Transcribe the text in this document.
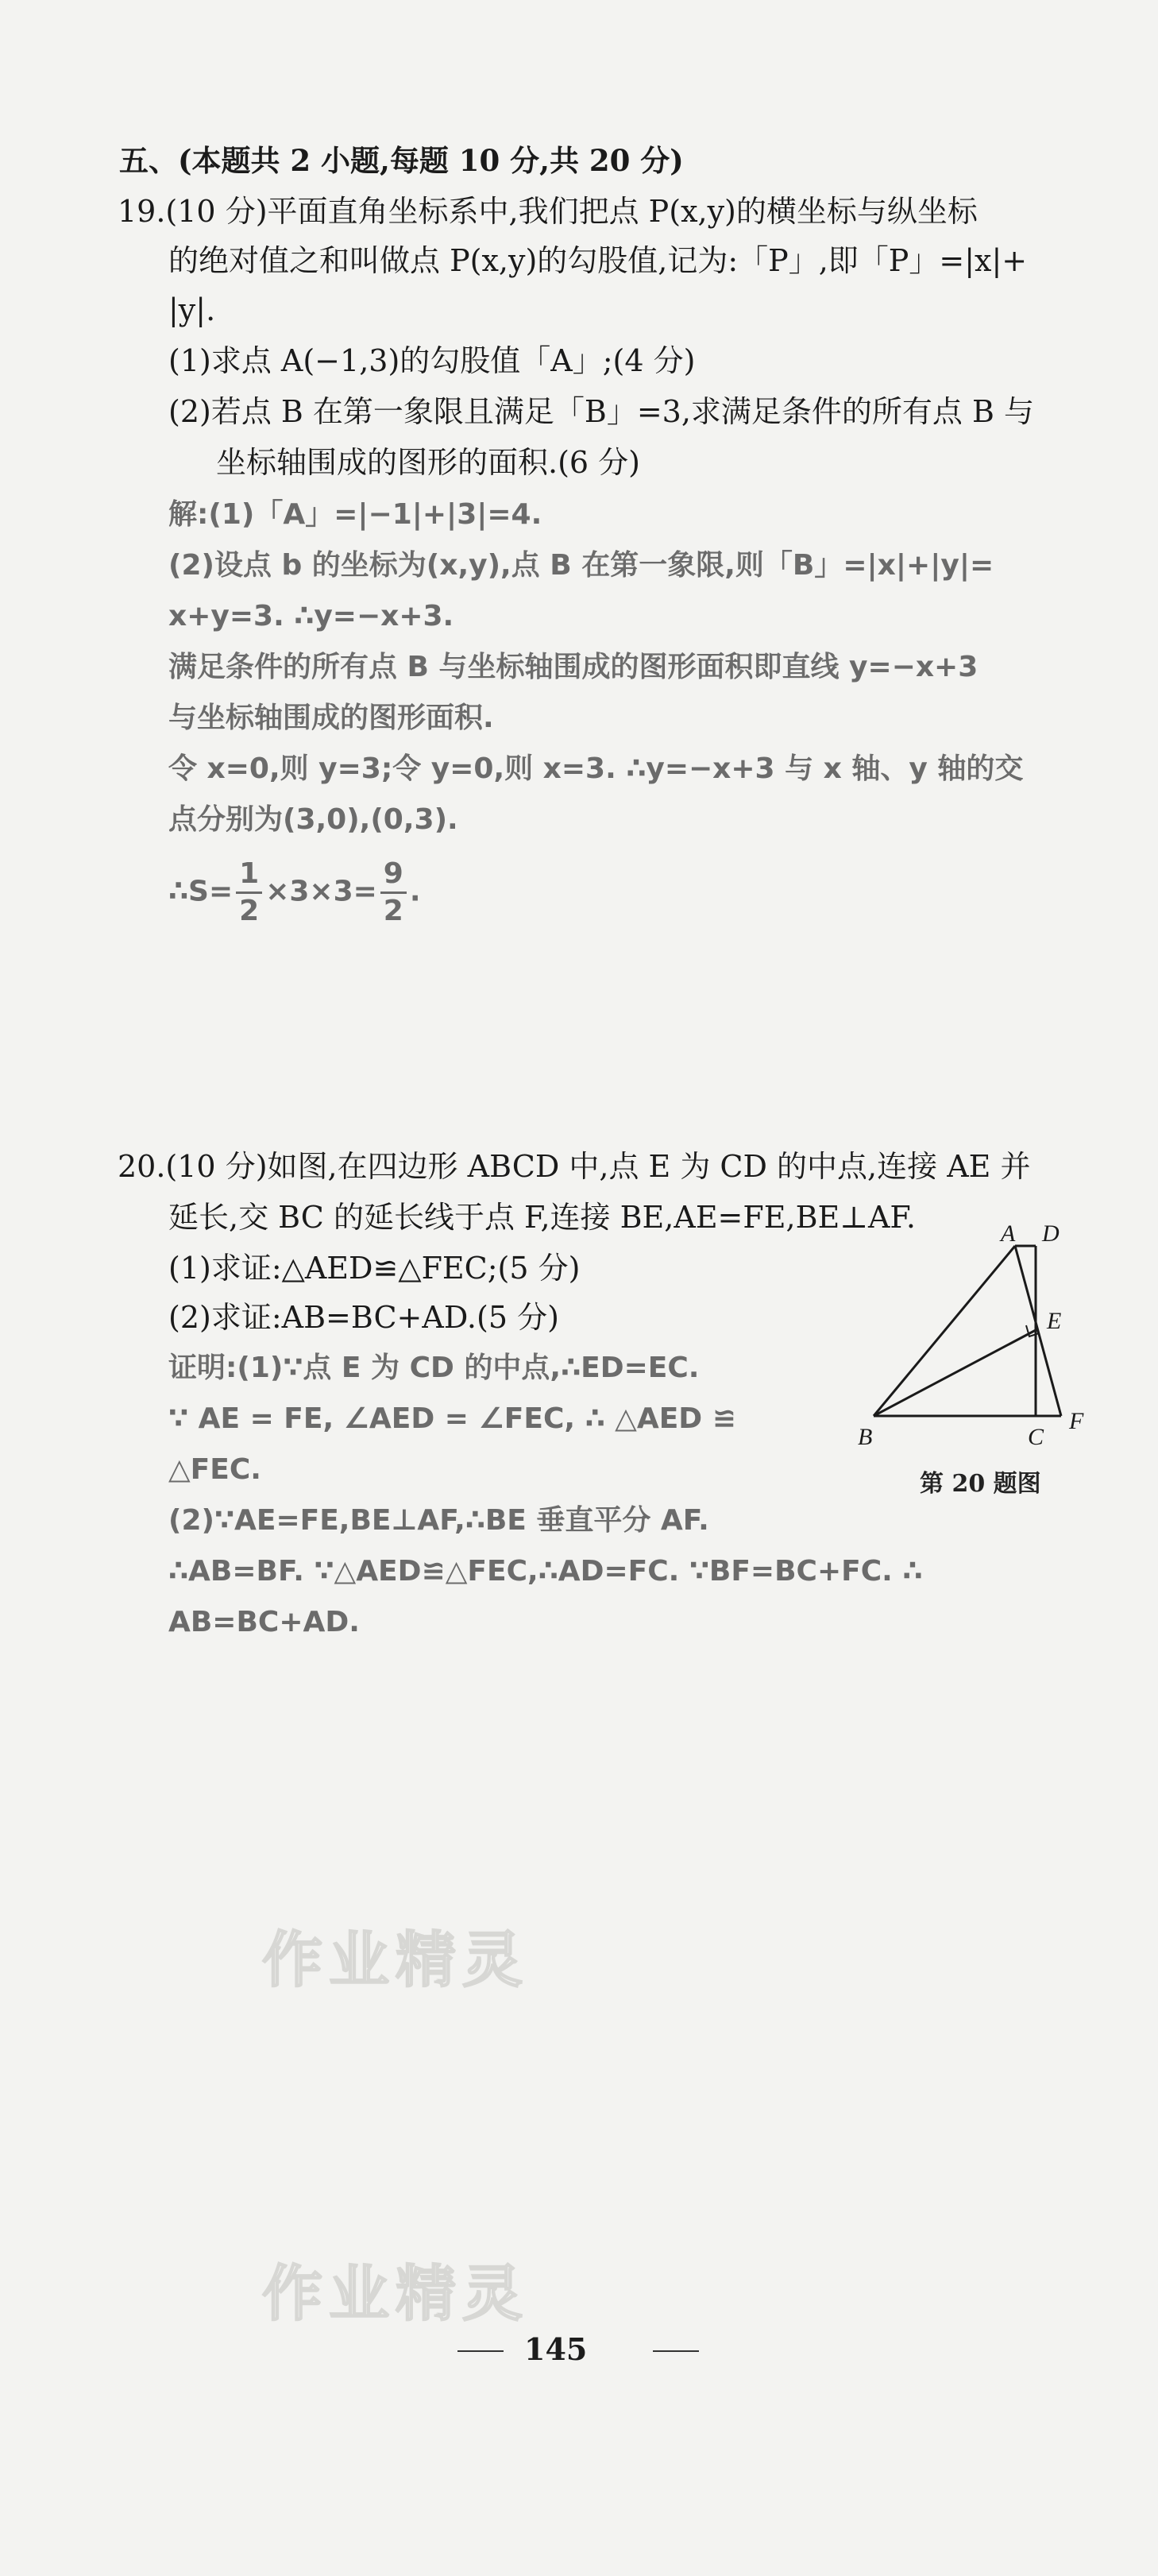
五、(本题共 2 小题,每题 10 分,共 20 分)
19.(10 分)平面直角坐标系中,我们把点 P(x,y)的横坐标与纵坐标
的绝对值之和叫做点 P(x,y)的勾股值,记为:「P」,即「P」=|x|+
|y|.
(1)求点 A(−1,3)的勾股值「A」;(4 分)
(2)若点 B 在第一象限且满足「B」=3,求满足条件的所有点 B 与
坐标轴围成的图形的面积.(6 分)
解:(1)「A」=|−1|+|3|=4.
(2)设点 b 的坐标为(x,y),点 B 在第一象限,则「B」=|x|+|y|=
x+y=3. ∴y=−x+3.
满足条件的所有点 B 与坐标轴围成的图形面积即直线 y=−x+3
与坐标轴围成的图形面积.
令 x=0,则 y=3;令 y=0,则 x=3. ∴y=−x+3 与 x 轴、y 轴的交
点分别为(3,0),(0,3).
∴S= $\frac{1}{2} \times 3\times 3= \frac{9}{2}$ .
20.(10 分)如图,在四边形 ABCD 中,点 E 为 CD 的中点,连接 AE 并
延长,交 BC 的延长线于点 F,连接 BE,AE=FE,BE⊥AF.
(1)求证:△AED≌△FEC;(5 分)
(2)求证:AB=BC+AD.(5 分)
证明:(1)∵点 E 为 CD 的中点,∴ED=EC.
∵ AE = FE, ∠AED = ∠FEC, ∴ △AED ≌
△FEC.
(2)∵AE=FE,BE⊥AF,∴BE 垂直平分 AF.
∴AB=BF. ∵△AED≌△FEC,∴AD=FC. ∵BF=BC+FC. ∴
AB=BC+AD.
A D
E
B	C
F
第 20 题图
作业精灵
作业精灵
145
